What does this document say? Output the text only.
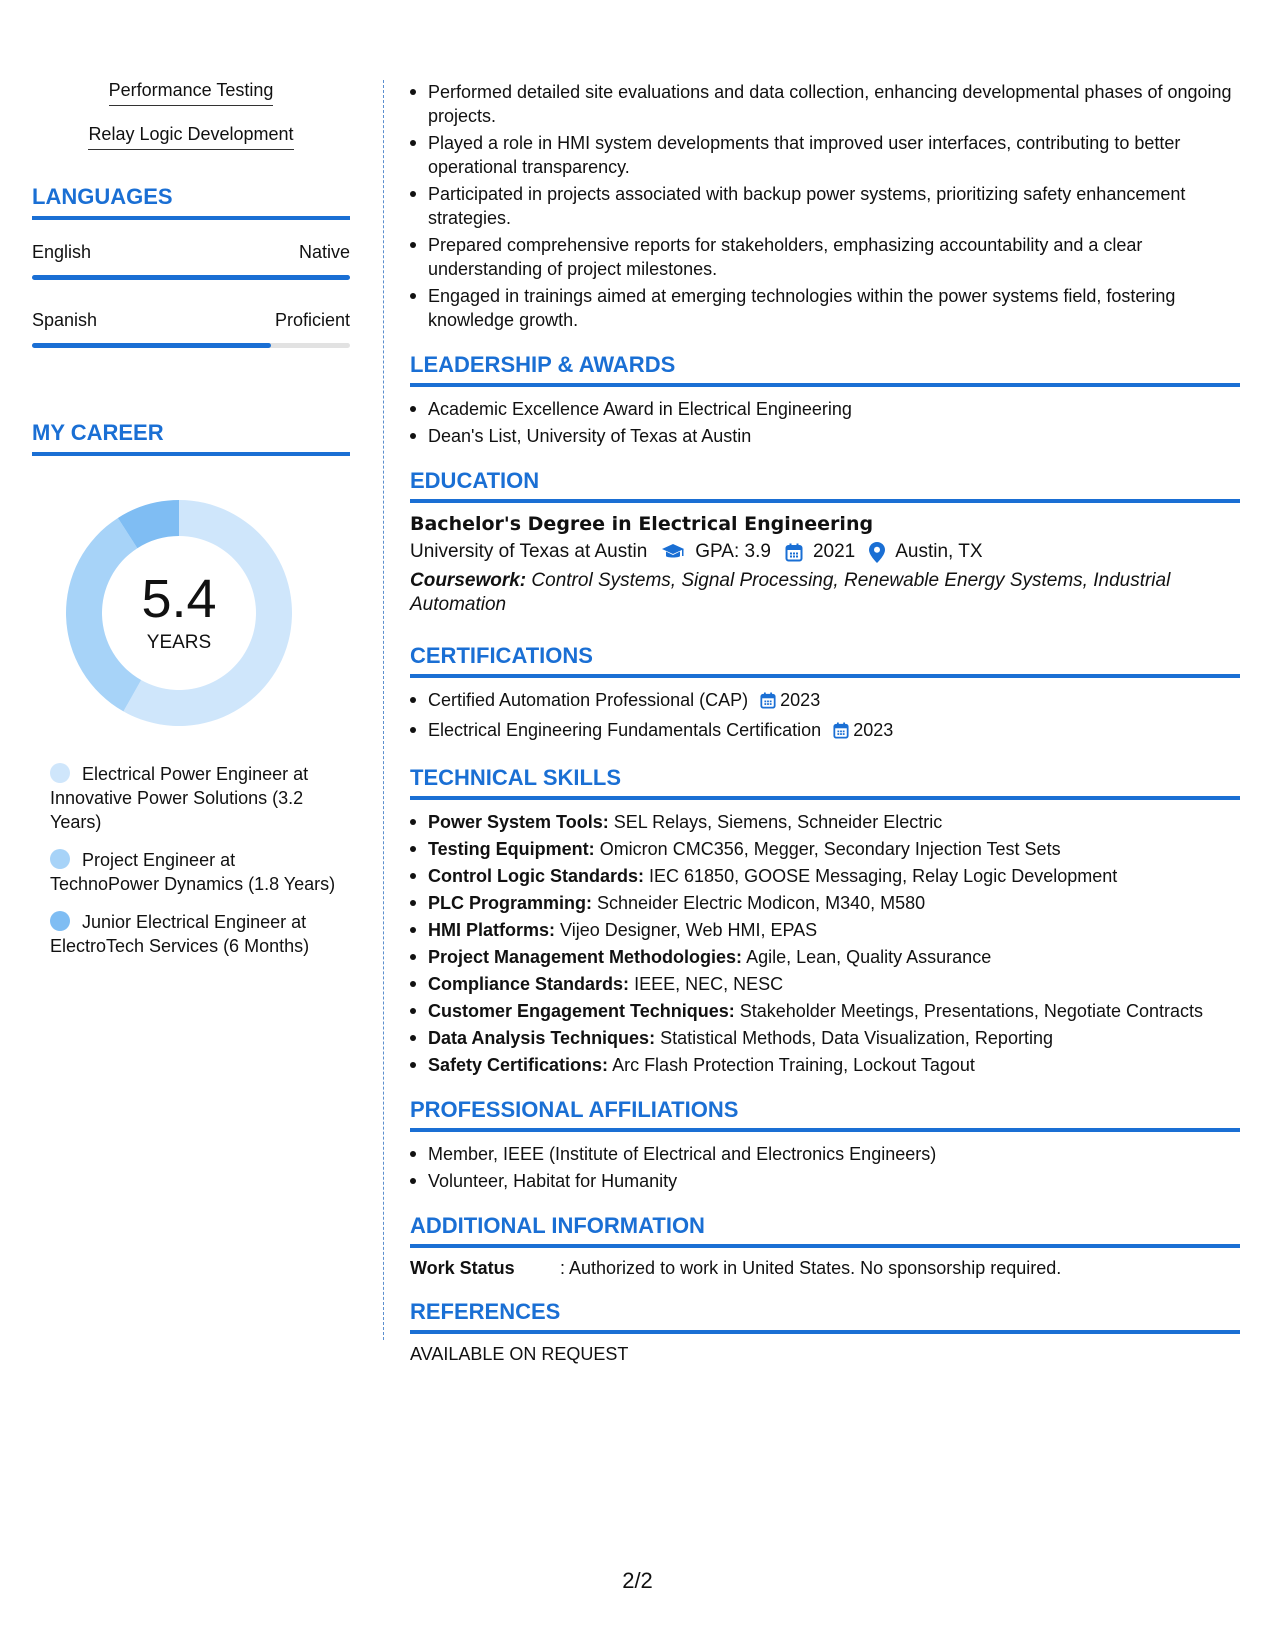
Performance Testing
Relay Logic Development
LANGUAGES
English	Native
Spanish	Proficient
MY CAREER
5.4
YEARS
Electrical Power Engineer at Innovative Power Solutions (3.2 Years)
Project Engineer at TechnoPower Dynamics (1.8 Years)
Junior Electrical Engineer at ElectroTech Services (6 Months)
Performed detailed site evaluations and data collection, enhancing developmental phases of ongoing projects.
Played a role in HMI system developments that improved user interfaces, contributing to better operational transparency.
Participated in projects associated with backup power systems, prioritizing safety enhancement strategies.
Prepared comprehensive reports for stakeholders, emphasizing accountability and a clear understanding of project milestones.
Engaged in trainings aimed at emerging technologies within the power systems field, fostering knowledge growth.
LEADERSHIP & AWARDS
Academic Excellence Award in Electrical Engineering
Dean's List, University of Texas at Austin
EDUCATION
Bachelor's Degree in Electrical Engineering
University of Texas at Austin	GPA: 3.9 2021 Austin, TX
Coursework: Control Systems, Signal Processing, Renewable Energy Systems, Industrial Automation
CERTIFICATIONS
Certified Automation Professional (CAP) 2023
Electrical Engineering Fundamentals Certification 2023
TECHNICAL SKILLS
Power System Tools: SEL Relays, Siemens, Schneider Electric
Testing Equipment: Omicron CMC356, Megger, Secondary Injection Test Sets
Control Logic Standards: IEC 61850, GOOSE Messaging, Relay Logic Development
PLC Programming: Schneider Electric Modicon, M340, M580
HMI Platforms: Vijeo Designer, Web HMI, EPAS
Project Management Methodologies: Agile, Lean, Quality Assurance
Compliance Standards: IEEE, NEC, NESC
Customer Engagement Techniques: Stakeholder Meetings, Presentations, Negotiate Contracts
Data Analysis Techniques: Statistical Methods, Data Visualization, Reporting
Safety Certifications: Arc Flash Protection Training, Lockout Tagout
PROFESSIONAL AFFILIATIONS
Member, IEEE (Institute of Electrical and Electronics Engineers)
Volunteer, Habitat for Humanity
ADDITIONAL INFORMATION
Work Status	: Authorized to work in United States. No sponsorship required.
REFERENCES
AVAILABLE ON REQUEST
2/2
